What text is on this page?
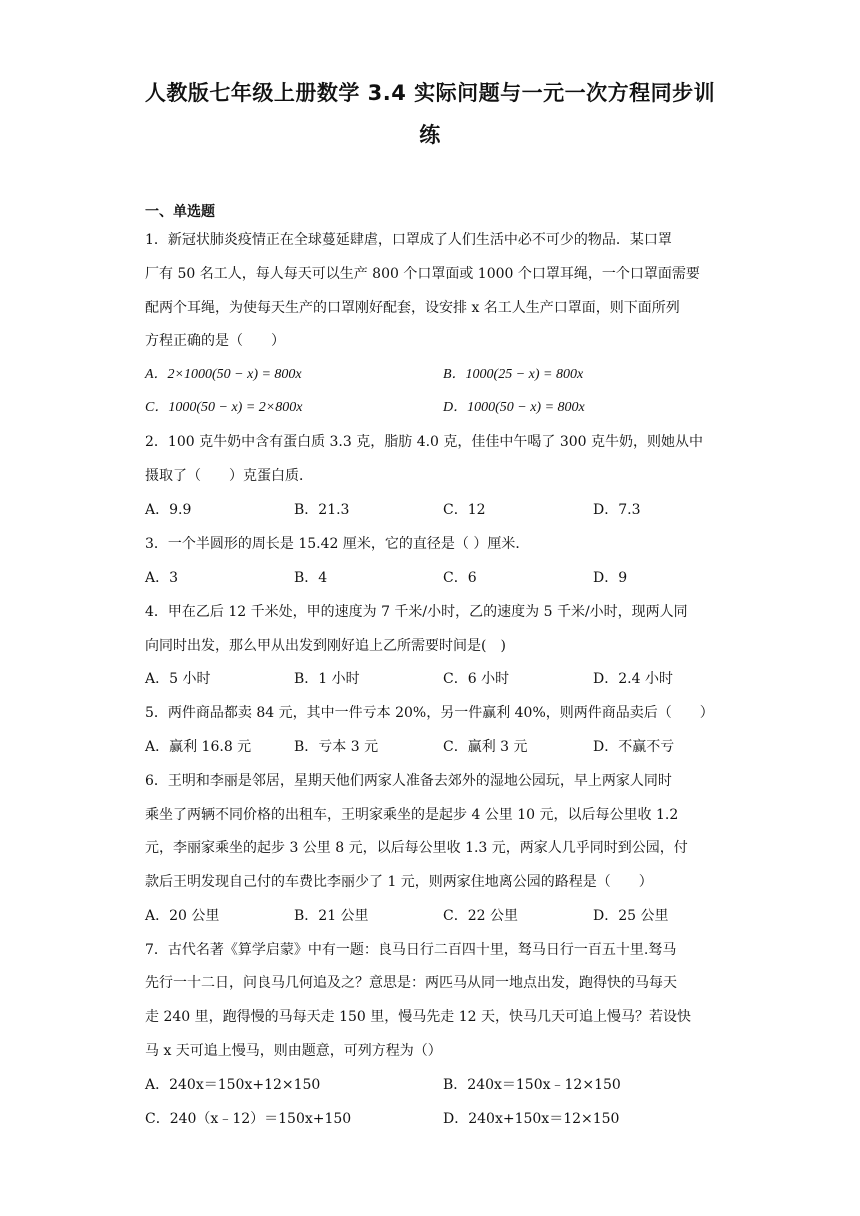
人教版七年级上册数学 3.4 实际问题与一元一次方程同步训
练
一、单选题
1．新冠状肺炎疫情正在全球蔓延肆虐，口罩成了人们生活中必不可少的物品．某口罩
厂有 50 名工人，每人每天可以生产 800 个口罩面或 1000 个口罩耳绳，一个口罩面需要
配两个耳绳，为使每天生产的口罩刚好配套，设安排 x 名工人生产口罩面，则下面所列
方程正确的是（　　）
A．2×1000(50 − x) = 800x	B．1000(25 − x) = 800x
C．1000(50 − x) = 2×800x	D．1000(50 − x) = 800x
2．100 克牛奶中含有蛋白质 3.3 克，脂肪 4.0 克，佳佳中午喝了 300 克牛奶，则她从中
摄取了（　　）克蛋白质．
A．9.9	B．21.3	C．12	D．7.3
3．一个半圆形的周长是 15.42 厘米，它的直径是（ ）厘米．
A．3	B．4	C．6	D．9
4．甲在乙后 12 千米处，甲的速度为 7 千米/小时，乙的速度为 5 千米/小时，现两人同
向同时出发，那么甲从出发到刚好追上乙所需要时间是(　)
A．5 小时	B．1 小时	C．6 小时	D．2.4 小时
5．两件商品都卖 84 元，其中一件亏本 20%，另一件赢利 40%，则两件商品卖后（　　）
A．赢利 16.8 元	B．亏本 3 元	C．赢利 3 元	D．不赢不亏
6．王明和李丽是邻居，星期天他们两家人准备去郊外的湿地公园玩，早上两家人同时
乘坐了两辆不同价格的出租车，王明家乘坐的是起步 4 公里 10 元，以后每公里收 1.2
元，李丽家乘坐的起步 3 公里 8 元，以后每公里收 1.3 元，两家人几乎同时到公园，付
款后王明发现自己付的车费比李丽少了 1 元，则两家住地离公园的路程是（　　）
A．20 公里	B．21 公里	C．22 公里	D．25 公里
7．古代名著《算学启蒙》中有一题：良马日行二百四十里，驽马日行一百五十里.驽马
先行一十二日，问良马几何追及之？意思是：两匹马从同一地点出发，跑得快的马每天
走 240 里，跑得慢的马每天走 150 里，慢马先走 12 天，快马几天可追上慢马？若设快
马 x 天可追上慢马，则由题意，可列方程为（）
A．240x＝150x+12×150	B．240x＝150x﹣12×150
C．240（x﹣12）＝150x+150	D．240x+150x＝12×150
